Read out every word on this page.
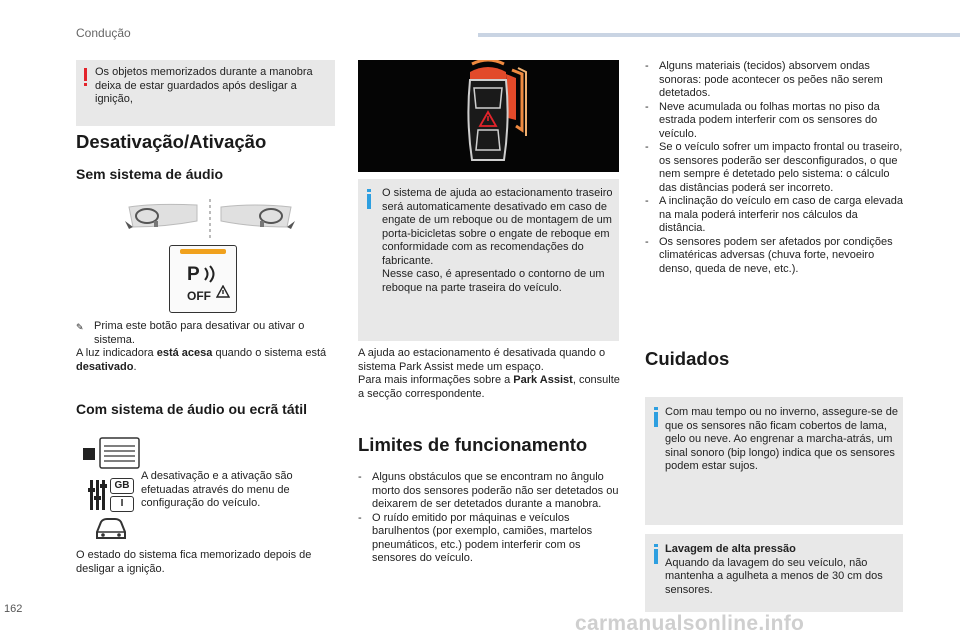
Condução

Os objetos memorizados durante a manobra deixa de estar guardados após desligar a ignição,

Desativação/Ativação
Sem sistema de áudio
P
OFF
✎ Prima este botão para desativar ou ativar o sistema.

A luz indicadora está acesa quando o sistema está desativado.

Com sistema de áudio ou ecrã tátil
GB
I

A desativação e a ativação são efetuadas através do menu de configuração do veículo.

O estado do sistema fica memorizado depois de desligar a ignição.

O sistema de ajuda ao estacionamento traseiro será automaticamente desativado em caso de engate de um reboque ou de montagem de um porta-bicicletas sobre o engate de reboque em conformidade com as recomendações do fabricante.

Nesse caso, é apresentado o contorno de um reboque na parte traseira do veículo.

A ajuda ao estacionamento é desativada quando o sistema Park Assist mede um espaço.

Para mais informações sobre a Park Assist, consulte a secção correspondente.

Limites de funcionamento
- Alguns obstáculos que se encontram no ângulo morto dos sensores poderão não ser detetados ou deixarem de ser detetados durante a manobra.
- O ruído emitido por máquinas e veículos barulhentos (por exemplo, camiões, martelos pneumáticos, etc.) podem interferir com os sensores do veículo.
- Alguns materiais (tecidos) absorvem ondas sonoras: pode acontecer os peões não serem detetados.
- Neve acumulada ou folhas mortas no piso da estrada podem interferir com os sensores do veículo.
- Se o veículo sofrer um impacto frontal ou traseiro, os sensores poderão ser desconfigurados, o que nem sempre é detetado pelo sistema: o cálculo das distâncias poderá ser incorreto.
- A inclinação do veículo em caso de carga elevada na mala poderá interferir nos cálculos da distância.
- Os sensores podem ser afetados por condições climatéricas adversas (chuva forte, nevoeiro denso, queda de neve, etc.).
Cuidados

Com mau tempo ou no inverno, assegure-se de que os sensores não ficam cobertos de lama, gelo ou neve. Ao engrenar a marcha-atrás, um sinal sonoro (bip longo) indica que os sensores podem estar sujos.

Lavagem de alta pressão

Aquando da lavagem do seu veículo, não mantenha a agulheta a menos de 30 cm dos sensores.

162
carmanualsonline.info
